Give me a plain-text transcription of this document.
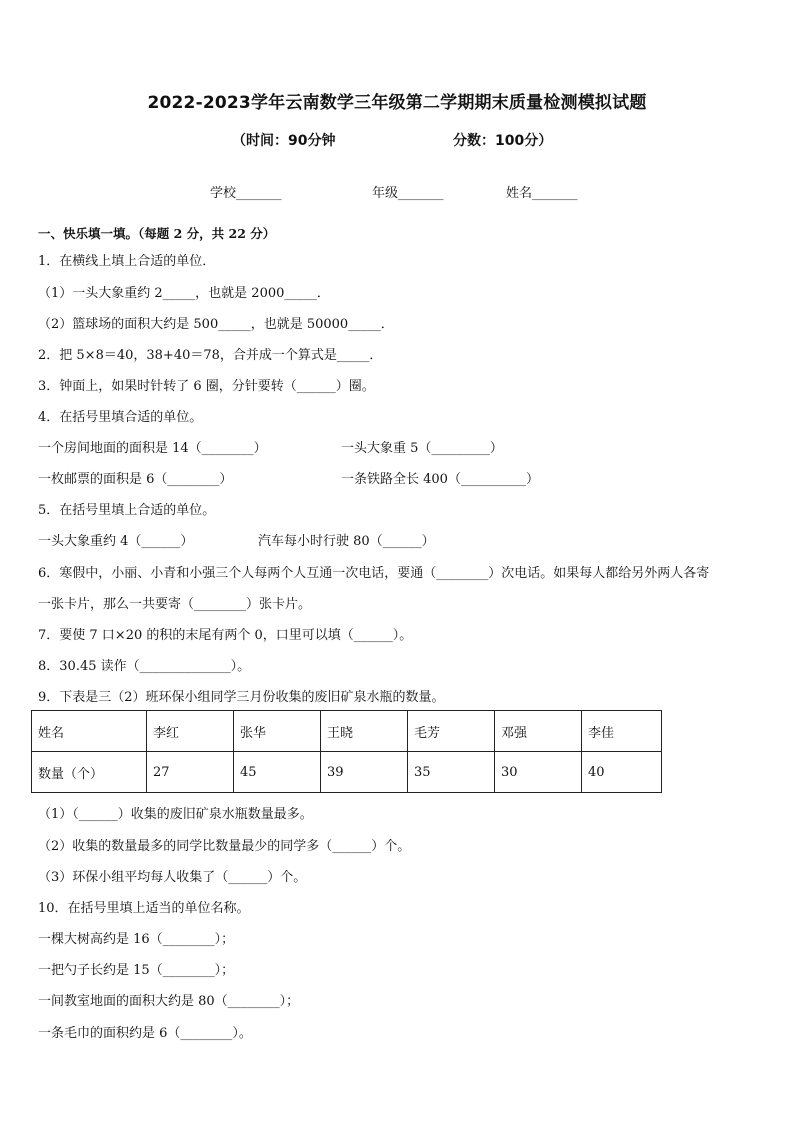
2022-2023学年云南数学三年级第二学期期末质量检测模拟试题
（时间：90分钟	分数：100分）
学校_______	年级_______	姓名_______
一、快乐填一填。（每题 2 分，共 22 分）
1．在横线上填上合适的单位．
（1）一头大象重约 2_____，也就是 2000_____．
（2）篮球场的面积大约是 500_____，也就是 50000_____．
2．把 5×8＝40，38+40＝78，合并成一个算式是_____．
3．钟面上，如果时针转了 6 圈，分针要转（______）圈。
4．在括号里填合适的单位。
一个房间地面的面积是 14（________）	一头大象重 5（_________）
一枚邮票的面积是 6（________）	一条铁路全长 400（__________）
5．在括号里填上合适的单位。
一头大象重约 4（______）	汽车每小时行驶 80（______）
6．寒假中，小丽、小青和小强三个人每两个人互通一次电话，要通（________）次电话。如果每人都给另外两人各寄
一张卡片，那么一共要寄（________）张卡片。
7．要使 7 口×20 的积的末尾有两个 0，口里可以填（______）。
8．30.45 读作（______________）。
9．下表是三（2）班环保小组同学三月份收集的废旧矿泉水瓶的数量。
姓名	李红	张华	王晓	毛芳	邓强	李佳
数量（个）	27	45	39	35	30	40
（1）（______）收集的废旧矿泉水瓶数量最多。
（2）收集的数量最多的同学比数量最少的同学多（______）个。
（3）环保小组平均每人收集了（______）个。
10．在括号里填上适当的单位名称。
一棵大树高约是 16（________）；
一把勺子长约是 15（________）；
一间教室地面的面积大约是 80（________）；
一条毛巾的面积约是 6（________）。
